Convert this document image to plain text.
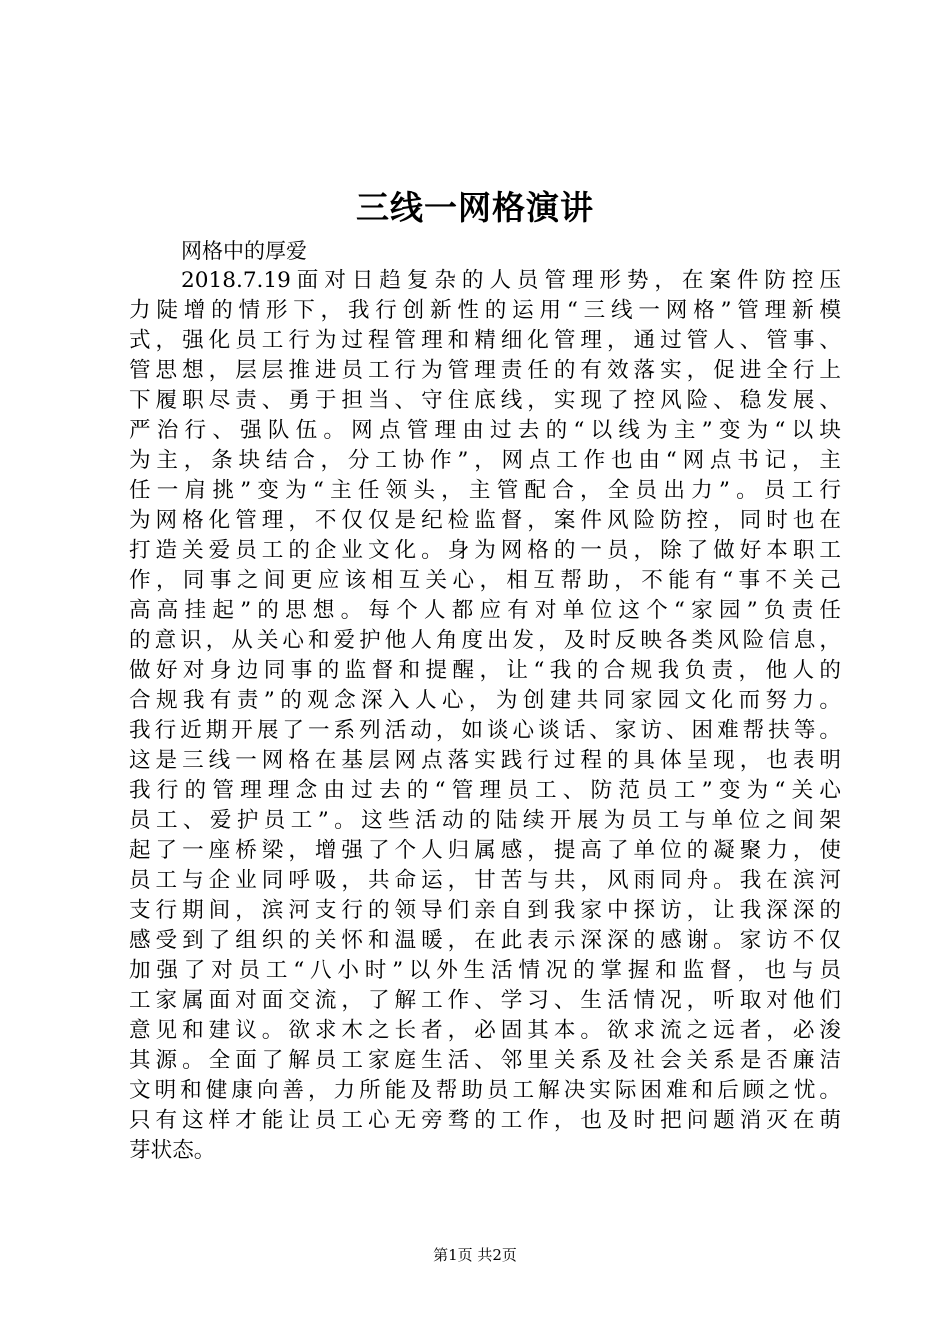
三线一网格演讲
网格中的厚爱
2018.7.19面对日趋复杂的人员管理形势，在案件防控压
力陡增的情形下，我行创新性的运用“三线一网格”管理新模
式，强化员工行为过程管理和精细化管理，通过管人、管事、
管思想，层层推进员工行为管理责任的有效落实，促进全行上
下履职尽责、勇于担当、守住底线，实现了控风险、稳发展、
严治行、强队伍。网点管理由过去的“以线为主”变为“以块
为主，条块结合，分工协作”，网点工作也由“网点书记，主
任一肩挑”变为“主任领头，主管配合，全员出力”。员工行
为网格化管理，不仅仅是纪检监督，案件风险防控，同时也在
打造关爱员工的企业文化。身为网格的一员，除了做好本职工
作，同事之间更应该相互关心，相互帮助，不能有“事不关己
高高挂起”的思想。每个人都应有对单位这个“家园”负责任
的意识，从关心和爱护他人角度出发，及时反映各类风险信息，
做好对身边同事的监督和提醒，让“我的合规我负责，他人的
合规我有责”的观念深入人心，为创建共同家园文化而努力。
我行近期开展了一系列活动，如谈心谈话、家访、困难帮扶等。
这是三线一网格在基层网点落实践行过程的具体呈现，也表明
我行的管理理念由过去的“管理员工、防范员工”变为“关心
员工、爱护员工”。这些活动的陆续开展为员工与单位之间架
起了一座桥梁，增强了个人归属感，提高了单位的凝聚力，使
员工与企业同呼吸，共命运，甘苦与共，风雨同舟。我在滨河
支行期间，滨河支行的领导们亲自到我家中探访，让我深深的
感受到了组织的关怀和温暖，在此表示深深的感谢。家访不仅
加强了对员工“八小时”以外生活情况的掌握和监督，也与员
工家属面对面交流，了解工作、学习、生活情况，听取对他们
意见和建议。欲求木之长者，必固其本。欲求流之远者，必浚
其源。全面了解员工家庭生活、邻里关系及社会关系是否廉洁
文明和健康向善，力所能及帮助员工解决实际困难和后顾之忧。
只有这样才能让员工心无旁骛的工作，也及时把问题消灭在萌
芽状态。
第1页 共2页
